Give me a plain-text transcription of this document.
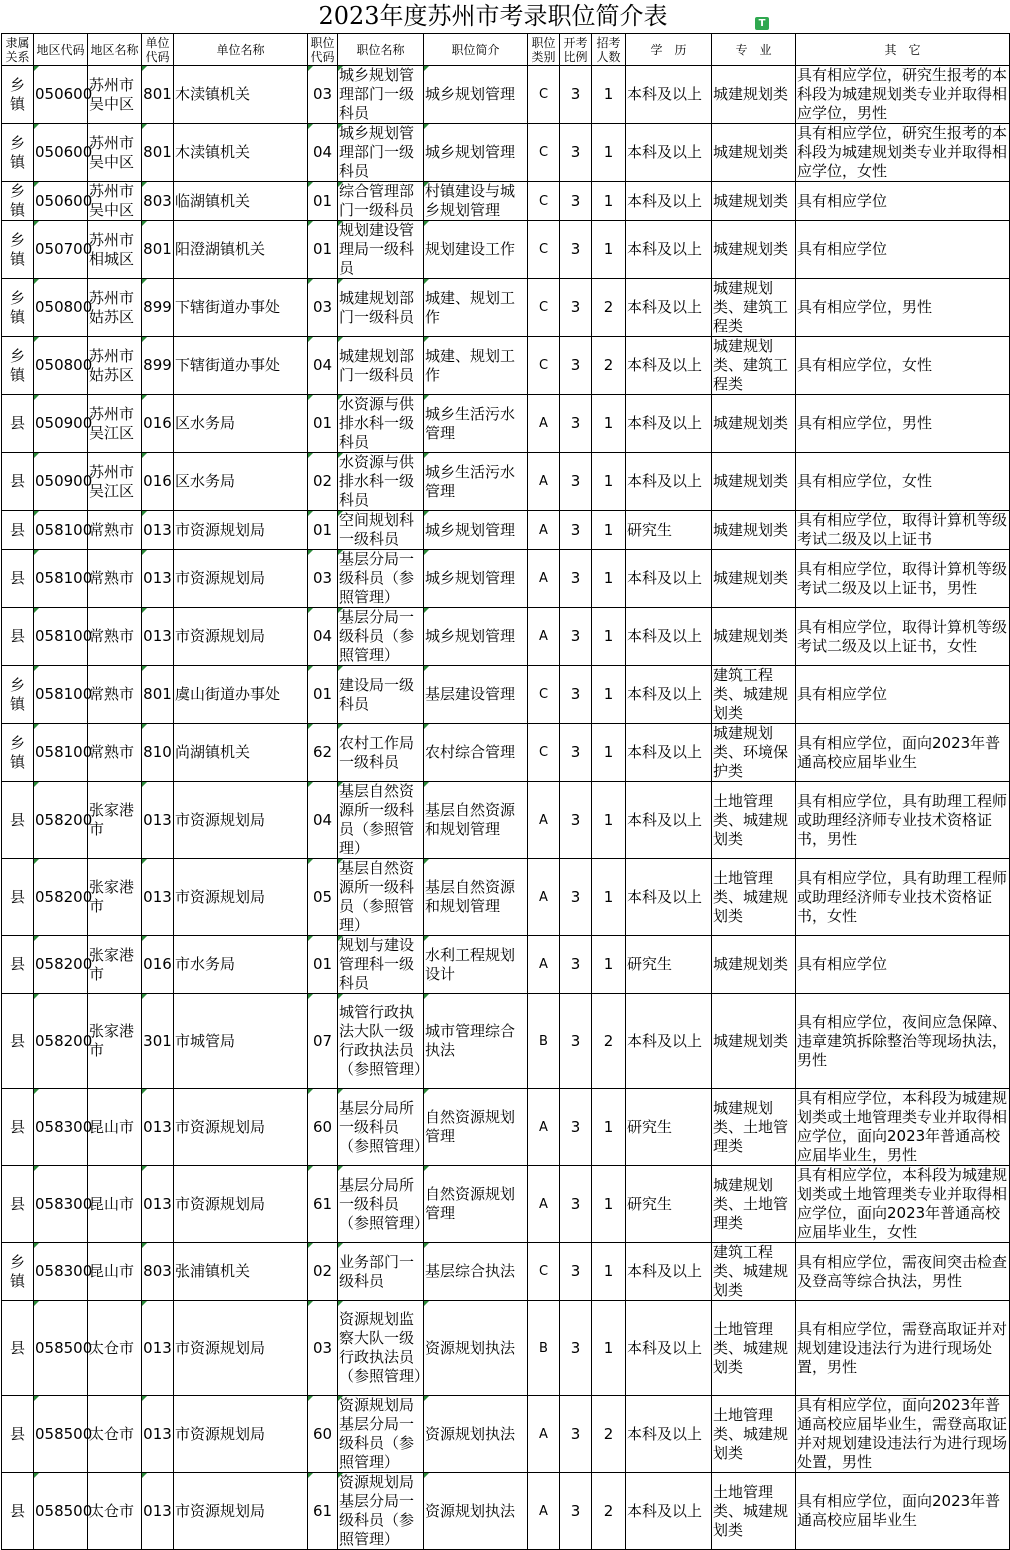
2023年度苏州市考录职位简介表	T
隶属关系	地区代码	地区名称	单位代码	单位名称	职位代码	职位名称	职位简介	职位类别	开考比例	招考人数	学　历	专　业	其　它
乡镇	050600	苏州市吴中区	801	木渎镇机关	03	城乡规划管理部门一级科员	城乡规划管理	C	3	1	本科及以上	城建规划类	具有相应学位，研究生报考的本科段为城建规划类专业并取得相应学位，男性
乡镇	050600	苏州市吴中区	801	木渎镇机关	04	城乡规划管理部门一级科员	城乡规划管理	C	3	1	本科及以上	城建规划类	具有相应学位，研究生报考的本科段为城建规划类专业并取得相应学位，女性
乡镇	050600	苏州市吴中区	803	临湖镇机关	01	综合管理部门一级科员	村镇建设与城乡规划管理	C	3	1	本科及以上	城建规划类	具有相应学位
乡镇	050700	苏州市相城区	801	阳澄湖镇机关	01	规划建设管理局一级科员	规划建设工作	C	3	1	本科及以上	城建规划类	具有相应学位
乡镇	050800	苏州市姑苏区	899	下辖街道办事处	03	城建规划部门一级科员	城建、规划工作	C	3	2	本科及以上	城建规划类、建筑工程类	具有相应学位，男性
乡镇	050800	苏州市姑苏区	899	下辖街道办事处	04	城建规划部门一级科员	城建、规划工作	C	3	2	本科及以上	城建规划类、建筑工程类	具有相应学位，女性
县	050900	苏州市吴江区	016	区水务局	01	水资源与供排水科一级科员	城乡生活污水管理	A	3	1	本科及以上	城建规划类	具有相应学位，男性
县	050900	苏州市吴江区	016	区水务局	02	水资源与供排水科一级科员	城乡生活污水管理	A	3	1	本科及以上	城建规划类	具有相应学位，女性
县	058100	常熟市	013	市资源规划局	01	空间规划科一级科员	城乡规划管理	A	3	1	研究生	城建规划类	具有相应学位，取得计算机等级考试二级及以上证书
县	058100	常熟市	013	市资源规划局	03	基层分局一级科员（参照管理）	城乡规划管理	A	3	1	本科及以上	城建规划类	具有相应学位，取得计算机等级考试二级及以上证书，男性
县	058100	常熟市	013	市资源规划局	04	基层分局一级科员（参照管理）	城乡规划管理	A	3	1	本科及以上	城建规划类	具有相应学位，取得计算机等级考试二级及以上证书，女性
乡镇	058100	常熟市	801	虞山街道办事处	01	建设局一级科员	基层建设管理	C	3	1	本科及以上	建筑工程类、城建规划类	具有相应学位
乡镇	058100	常熟市	810	尚湖镇机关	62	农村工作局一级科员	农村综合管理	C	3	1	本科及以上	城建规划类、环境保护类	具有相应学位，面向2023年普通高校应届毕业生
县	058200	张家港市	013	市资源规划局	04	基层自然资源所一级科员（参照管理）	基层自然资源和规划管理	A	3	1	本科及以上	土地管理类、城建规划类	具有相应学位，具有助理工程师或助理经济师专业技术资格证书，男性
县	058200	张家港市	013	市资源规划局	05	基层自然资源所一级科员（参照管理）	基层自然资源和规划管理	A	3	1	本科及以上	土地管理类、城建规划类	具有相应学位，具有助理工程师或助理经济师专业技术资格证书，女性
县	058200	张家港市	016	市水务局	01	规划与建设管理科一级科员	水利工程规划设计	A	3	1	研究生	城建规划类	具有相应学位
县	058200	张家港市	301	市城管局	07	城管行政执法大队一级行政执法员（参照管理）	城市管理综合执法	B	3	2	本科及以上	城建规划类	具有相应学位，夜间应急保障、违章建筑拆除整治等现场执法，男性
县	058300	昆山市	013	市资源规划局	60	基层分局所一级科员（参照管理）	自然资源规划管理	A	3	1	研究生	城建规划类、土地管理类	具有相应学位，本科段为城建规划类或土地管理类专业并取得相应学位，面向2023年普通高校应届毕业生，男性
县	058300	昆山市	013	市资源规划局	61	基层分局所一级科员（参照管理）	自然资源规划管理	A	3	1	研究生	城建规划类、土地管理类	具有相应学位，本科段为城建规划类或土地管理类专业并取得相应学位，面向2023年普通高校应届毕业生，女性
乡镇	058300	昆山市	803	张浦镇机关	02	业务部门一级科员	基层综合执法	C	3	1	本科及以上	建筑工程类、城建规划类	具有相应学位，需夜间突击检查及登高等综合执法，男性
县	058500	太仓市	013	市资源规划局	03	资源规划监察大队一级行政执法员（参照管理）	资源规划执法	B	3	1	本科及以上	土地管理类、城建规划类	具有相应学位，需登高取证并对规划建设违法行为进行现场处置，男性
县	058500	太仓市	013	市资源规划局	60	资源规划局基层分局一级科员（参照管理）	资源规划执法	A	3	2	本科及以上	土地管理类、城建规划类	具有相应学位，面向2023年普通高校应届毕业生，需登高取证并对规划建设违法行为进行现场处置，男性
县	058500	太仓市	013	市资源规划局	61	资源规划局基层分局一级科员（参照管理）	资源规划执法	A	3	2	本科及以上	土地管理类、城建规划类	具有相应学位，面向2023年普通高校应届毕业生
